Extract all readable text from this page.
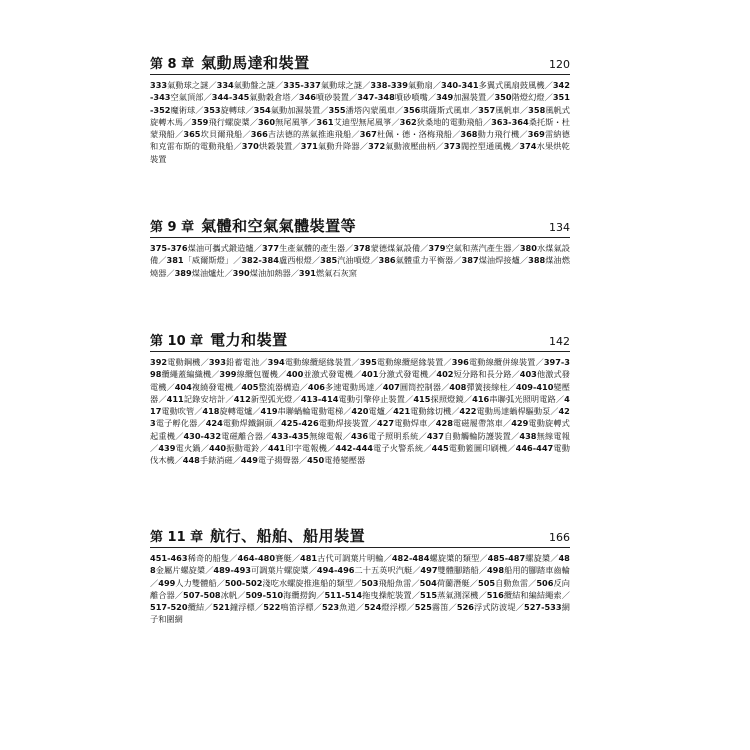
第 8 章 氣動馬達和裝置	120
333氣動球之謎／334氣動盤之謎／335-337氣動球之謎／338-339氣動扇／340-341多翼式風扇鼓風機／342-343空氣頂部／344-345氣動穀倉塔／346噴砂裝置／347-348噴砂噴嘴／349加濕裝置／350階燈幻燈／351-352魔術球／353旋轉球／354氣動加濕裝置／355潘塔內蒙風車／356琪薩斯式風車／357風帆車／358風帆式旋轉木馬／359飛行螺旋槳／360無尾風箏／361艾迪型無尾風箏／362狄桑地的電動飛船／363-364桑托斯・杜蒙飛船／365坎貝爾飛船／366吉法德的蒸氣推進飛船／367杜佩・德・洛梅飛船／368動力飛行機／369雷納德和克雷布斯的電動飛船／370烘穀裝置／371氣動升降器／372氣動液壓曲柄／373閥控型通風機／374水果烘乾裝置
第 9 章 氣體和空氣氣體裝置等	134
375-376煤油可攜式鍛造爐／377生產氣體的產生器／378蒙德煤氣設備／379空氣和蒸汽產生器／380水煤氣設備／381「威爾斯燈」／382-384盧西根燈／385汽油噴燈／386氣體重力平衡器／387煤油焊接爐／388煤油燃燒器／389煤油爐灶／390煤油加熱器／391燃氣石灰窯
第 10 章 電力和裝置	142
392電動鋼機／393鉛蓄電池／394電動線纜絕緣裝置／395電動線纜絕緣裝置／396電動線纜併線裝置／397-398纜繩蓋編織機／399線纜包覆機／400並激式發電機／401分激式發電機／402短分路和長分路／403他激式發電機／404複繞發電機／405整流器構造／406多速電動馬達／407圓筒控制器／408彈簧接線柱／409-410變壓器／411記錄安培計／412新型弧光燈／413-414電動引擎停止裝置／415探照燈鏡／416串聯弧光照明電路／417電動吹管／418旋轉電爐／419串聯蝸輪電動電梯／420電爐／421電動緣切機／422電動馬達蝸桿驅動泵／423電子孵化器／424電動焊鐵銅頭／425-426電動焊接裝置／427電動焊車／428電磁履帶煞車／429電動旋轉式起重機／430-432電磁離合器／433-435無線電報／436電子照明系統／437自動觸輪防護裝置／438無線電報／439電火鍋／440振動電鈴／441印字電報機／442-444電子火警系統／445電動籃圖印刷機／446-447電動伐木機／448手錶消磁／449電子揚聲器／450電捲變壓器
第 11 章 航行、船舶、船用裝置	166
451-463稀奇的船隻／464-480賽艇／481古代可調葉片明輪／482-484螺旋槳的類型／485-487螺旋槳／488金屬片螺旋槳／489-493可調葉片螺旋槳／494-496二十五英呎汽艇／497雙體腳踏船／498船用的腳踏車齒輪／499人力雙體船／500-502淺吃水螺旋推進船的類型／503飛船魚雷／504荷蘭潛艇／505自動魚雷／506反向離合器／507-508冰帆／509-510海纜撈鉤／511-514拖曳操舵裝置／515蒸氣測深機／516纜結和編結繩索／517-520纜結／521鐘浮標／522鳴笛浮標／523魚道／524燈浮標／525霧笛／526浮式防波堤／527-533網子和圍網
